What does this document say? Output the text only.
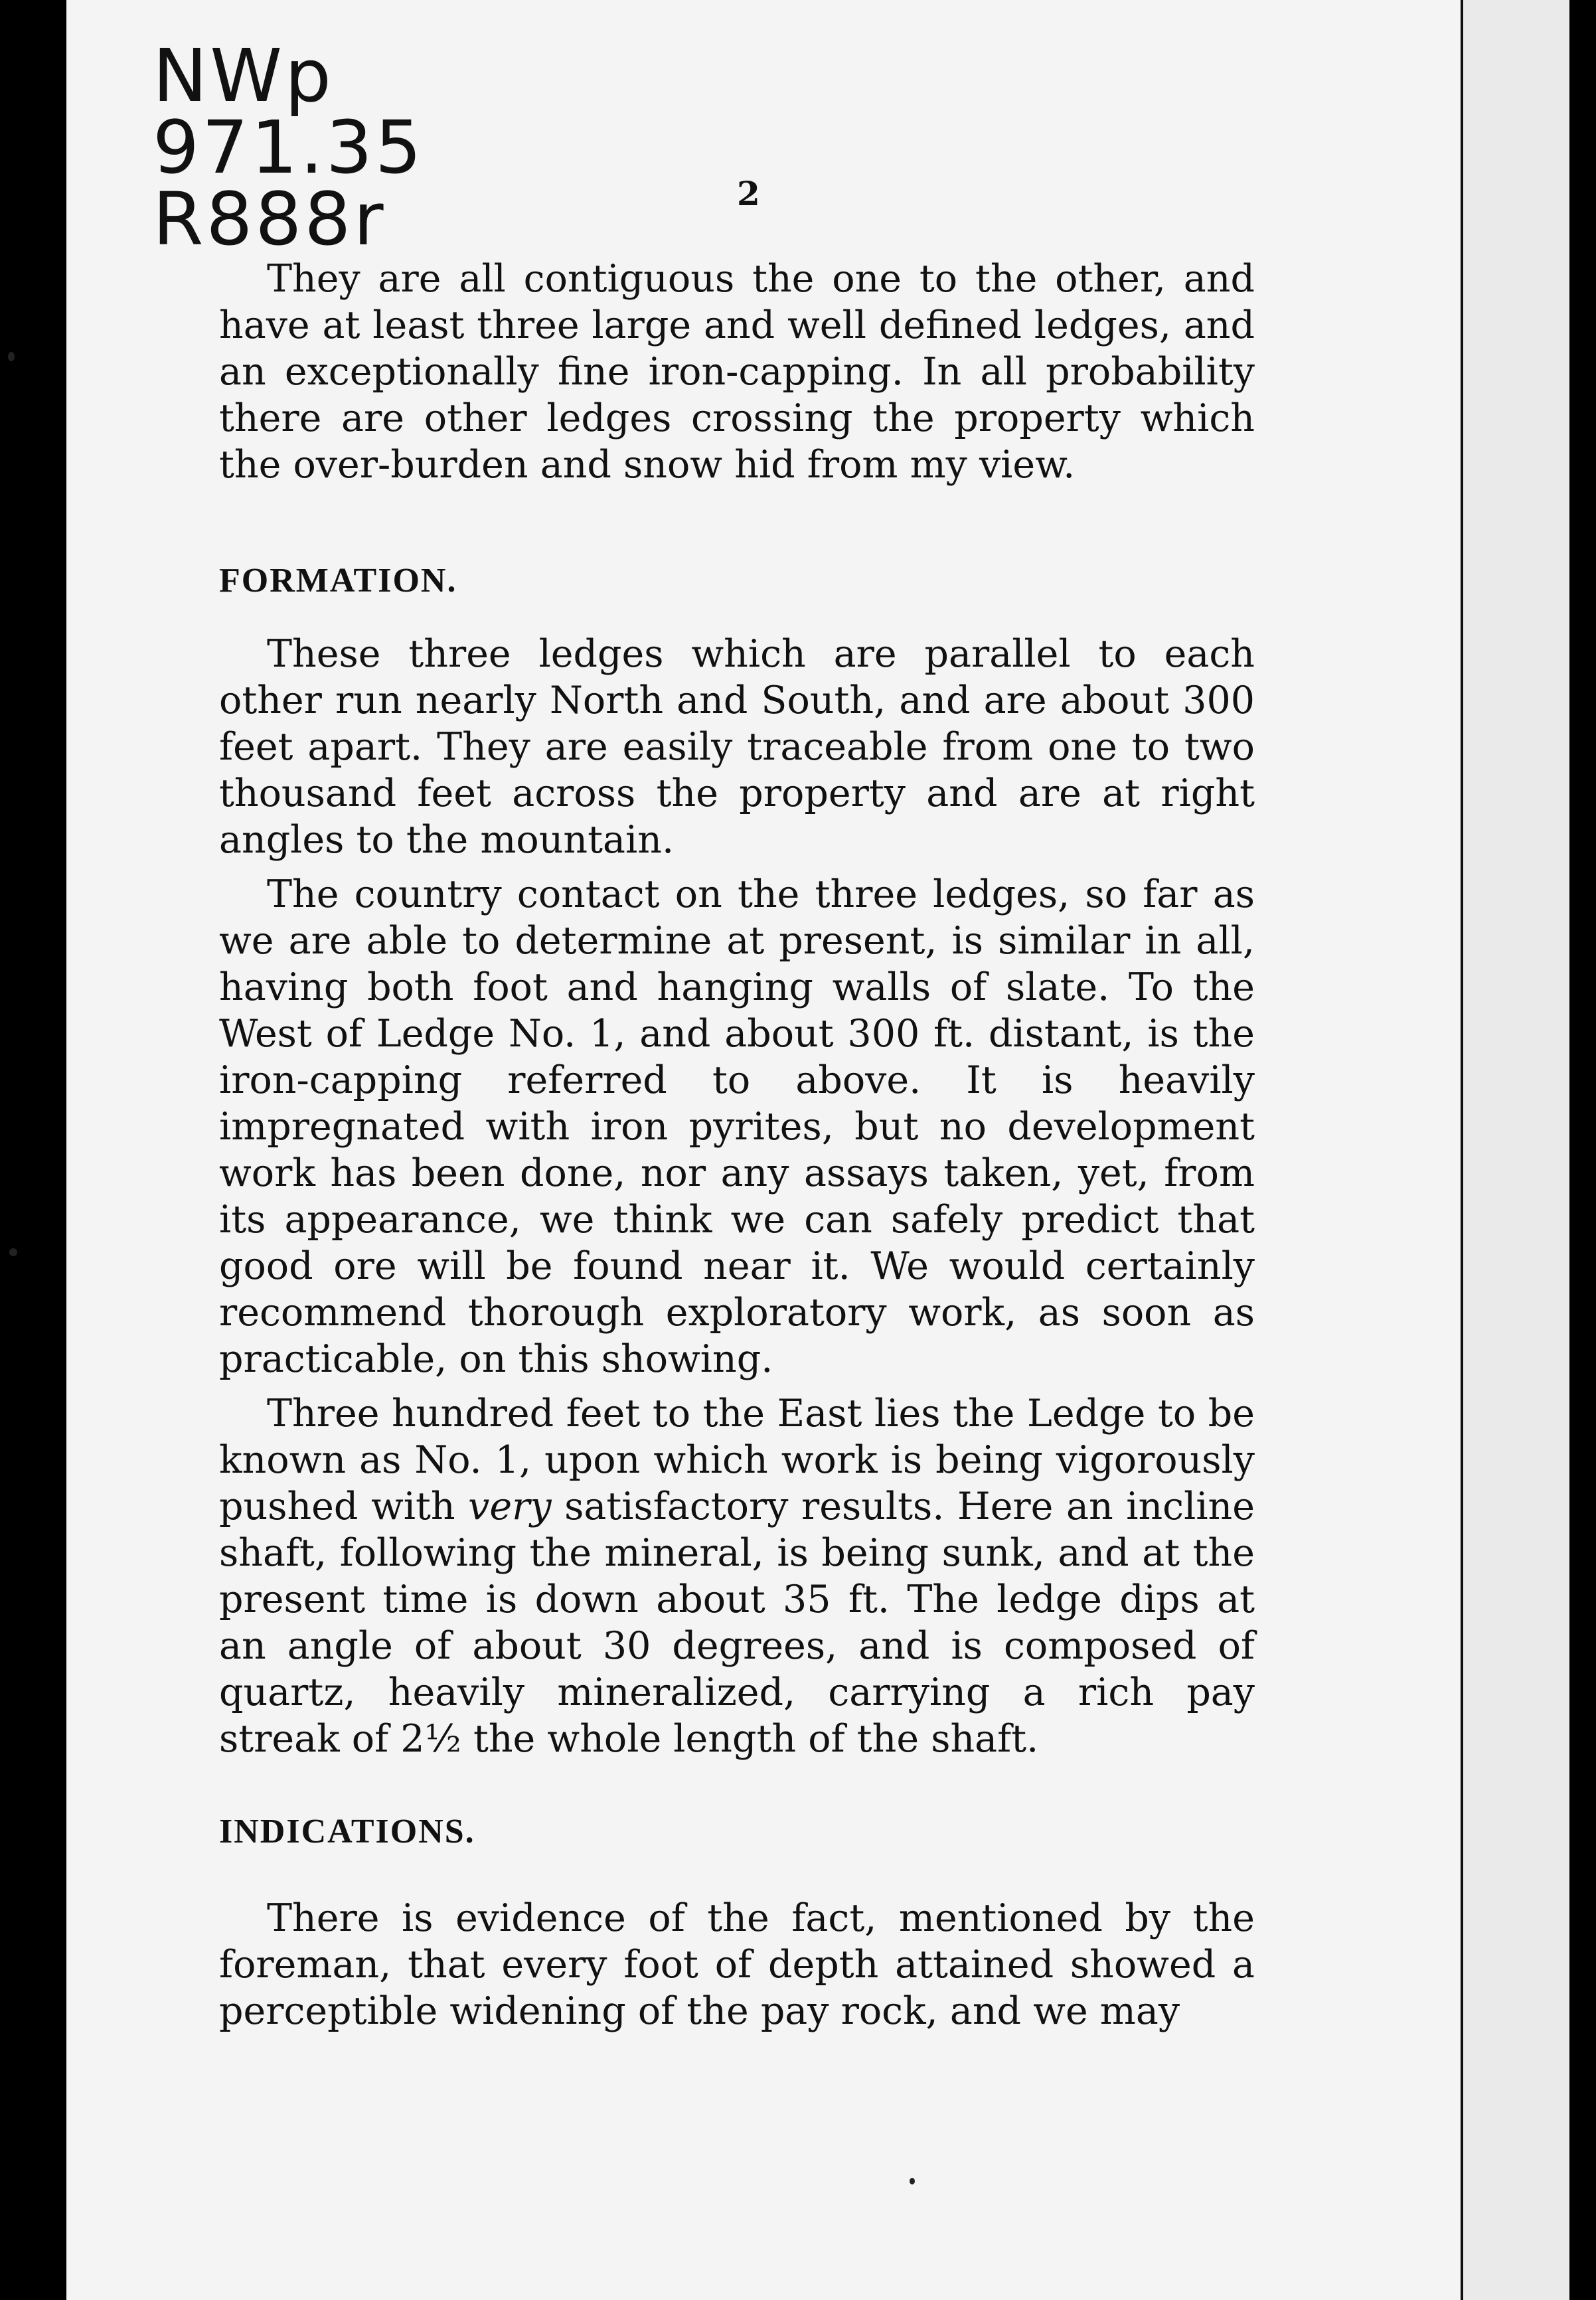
NWp
971.35
R888r	2

They are all contiguous the one to the other, and have at least three large and well defined ledges, and an exceptionally fine iron-capping. In all probability there are other ledges crossing the property which the over-burden and snow hid from my view.

FORMATION.

These three ledges which are parallel to each other run nearly North and South, and are about 300 feet apart. They are easily traceable from one to two thousand feet across the property and are at right angles to the mountain.

The country contact on the three ledges, so far as we are able to determine at present, is similar in all, having both foot and hanging walls of slate. To the West of Ledge No. 1, and about 300 ft. distant, is the iron-capping referred to above. It is heavily impregnated with iron pyrites, but no development work has been done, nor any assays taken, yet, from its appearance, we think we can safely predict that good ore will be found near it. We would certainly recommend thorough exploratory work, as soon as practicable, on this showing.

Three hundred feet to the East lies the Ledge to be known as No. 1, upon which work is being vigorously pushed with very satisfactory results. Here an incline shaft, following the mineral, is being sunk, and at the present time is down about 35 ft. The ledge dips at an angle of about 30 degrees, and is composed of quartz, heavily mineralized, carrying a rich pay streak of 2½ the whole length of the shaft.

INDICATIONS.

There is evidence of the fact, mentioned by the foreman, that every foot of depth attained showed a perceptible widening of the pay rock, and we may
